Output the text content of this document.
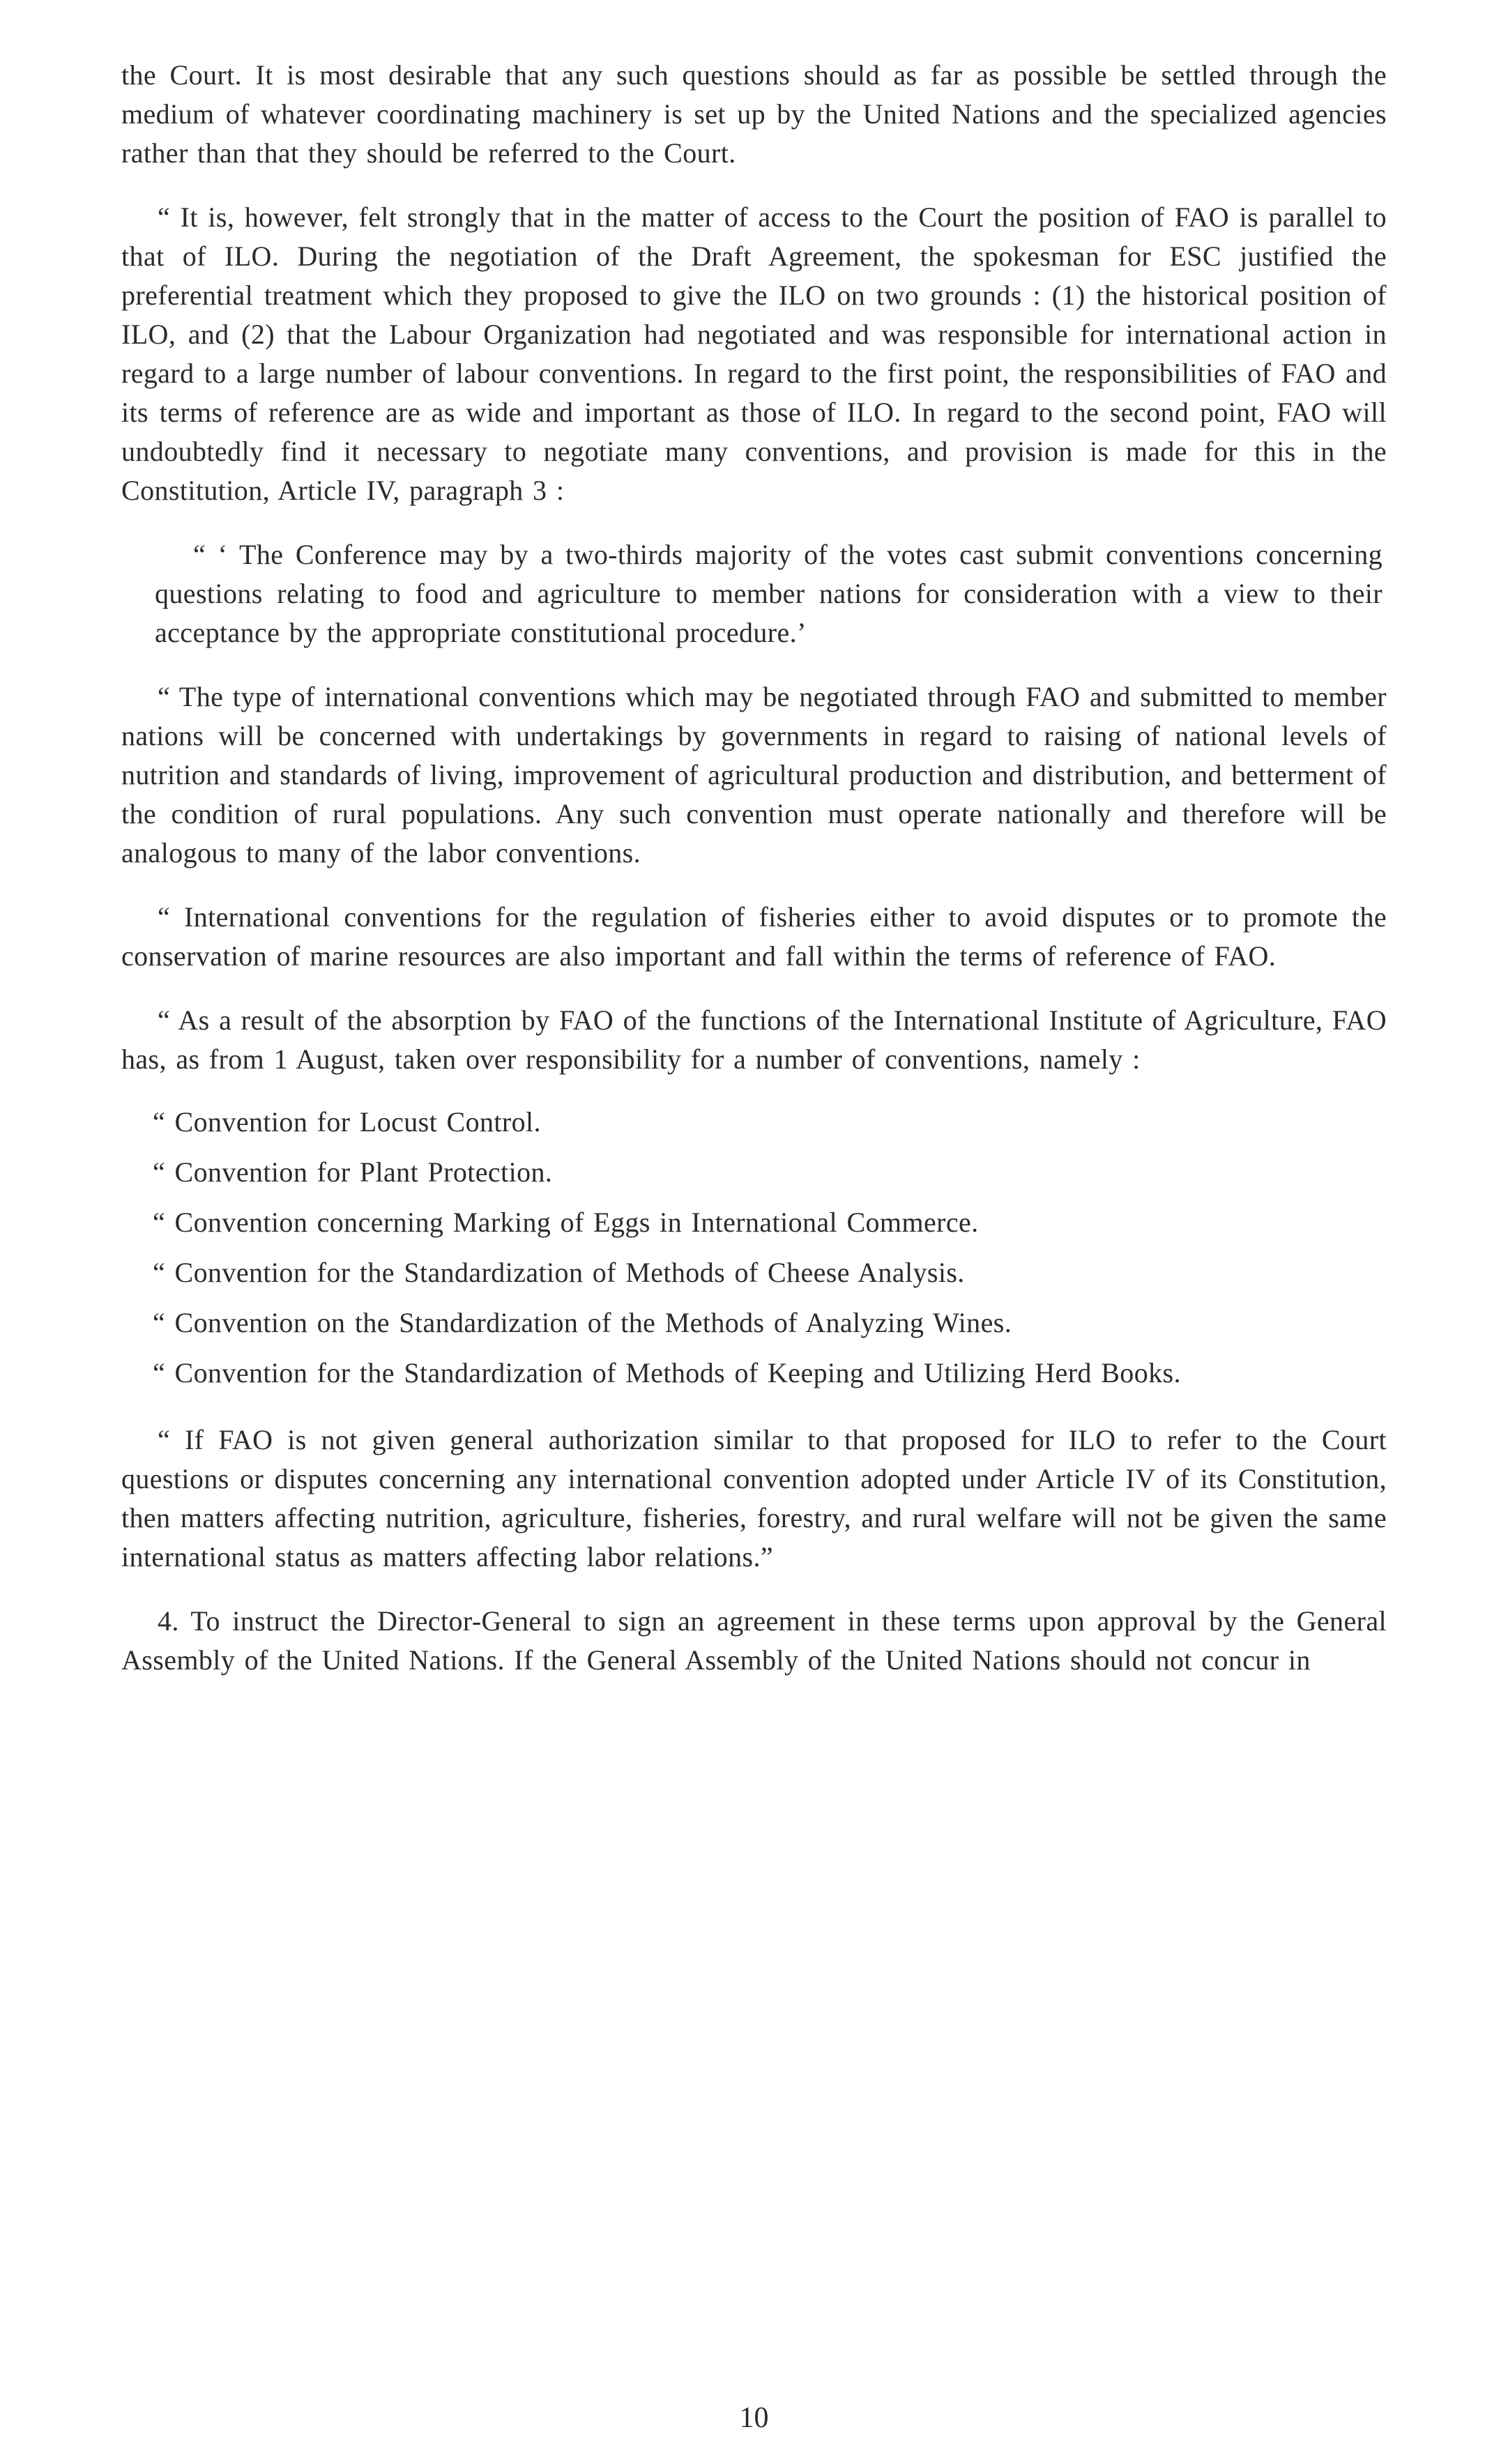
the Court. It is most desirable that any such questions should as far as possible be settled through the medium of whatever coordinating machinery is set up by the United Nations and the specialized agencies rather than that they should be referred to the Court.

“ It is, however, felt strongly that in the matter of access to the Court the position of FAO is parallel to that of ILO. During the negotiation of the Draft Agreement, the spokesman for ESC justified the preferential treatment which they proposed to give the ILO on two grounds : (1) the historical position of ILO, and (2) that the Labour Organization had negotiated and was responsible for international action in regard to a large number of labour conventions. In regard to the first point, the responsibilities of FAO and its terms of reference are as wide and important as those of ILO. In regard to the second point, FAO will undoubtedly find it necessary to negotiate many conventions, and provision is made for this in the Constitution, Article IV, paragraph 3 :

“ ‘ The Conference may by a two-thirds majority of the votes cast submit conventions concerning questions relating to food and agriculture to member nations for consideration with a view to their acceptance by the appropriate constitutional procedure.’

“ The type of international conventions which may be negotiated through FAO and submitted to member nations will be concerned with undertakings by governments in regard to raising of national levels of nutrition and standards of living, improvement of agricultural production and distribution, and betterment of the condition of rural populations. Any such convention must operate nationally and therefore will be analogous to many of the labor conventions.

“ International conventions for the regulation of fisheries either to avoid disputes or to promote the conservation of marine resources are also important and fall within the terms of reference of FAO.

“ As a result of the absorption by FAO of the functions of the International Institute of Agriculture, FAO has, as from 1 August, taken over responsibility for a number of conventions, namely :

“ Convention for Locust Control.

“ Convention for Plant Protection.

“ Convention concerning Marking of Eggs in International Commerce.

“ Convention for the Standardization of Methods of Cheese Analysis.

“ Convention on the Standardization of the Methods of Analyzing Wines.

“ Convention for the Standardization of Methods of Keeping and Utilizing Herd Books.

“ If FAO is not given general authorization similar to that proposed for ILO to refer to the Court questions or disputes concerning any international convention adopted under Article IV of its Constitution, then matters affecting nutrition, agriculture, fisheries, forestry, and rural welfare will not be given the same international status as matters affecting labor relations.”

4. To instruct the Director-General to sign an agreement in these terms upon approval by the General Assembly of the United Nations. If the General Assembly of the United Nations should not concur in

10
